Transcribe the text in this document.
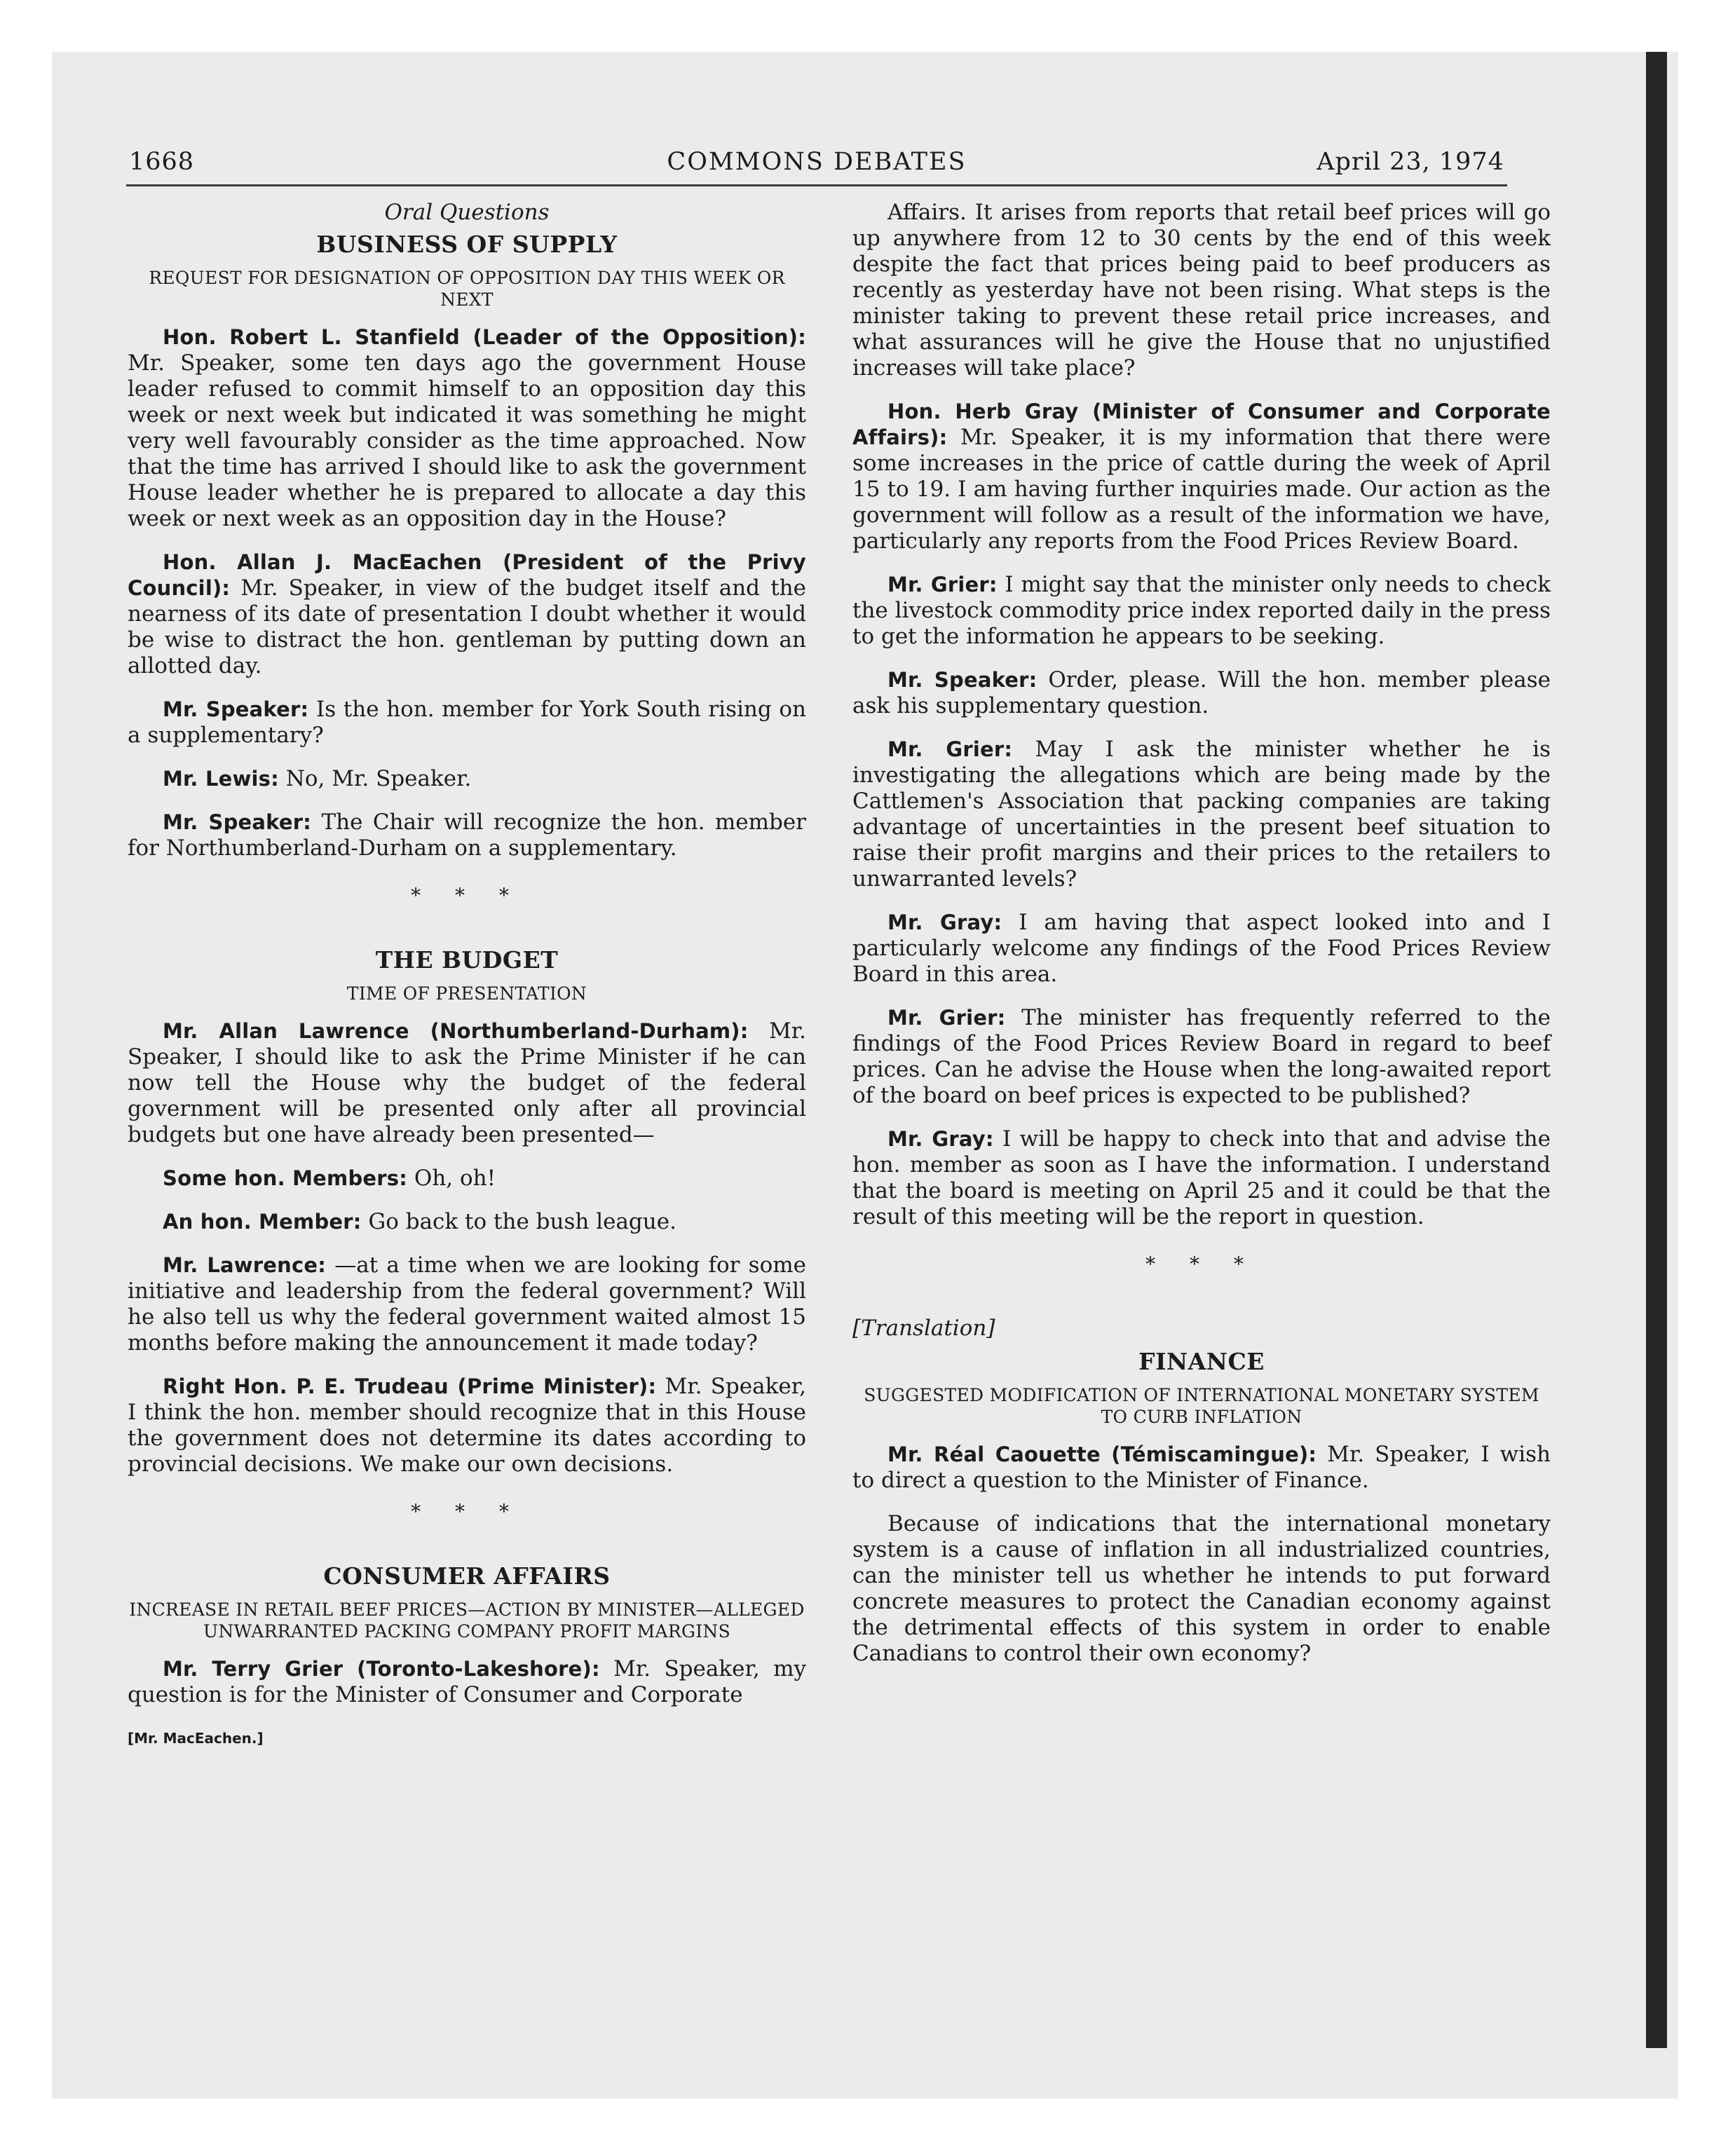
1668	COMMONS DEBATES	April 23, 1974
Oral Questions
BUSINESS OF SUPPLY
REQUEST FOR DESIGNATION OF OPPOSITION DAY THIS WEEK OR NEXT

Hon. Robert L. Stanfield (Leader of the Opposition): Mr. Speaker, some ten days ago the government House leader refused to commit himself to an opposition day this week or next week but indicated it was something he might very well favourably consider as the time approached. Now that the time has arrived I should like to ask the government House leader whether he is prepared to allocate a day this week or next week as an opposition day in the House?

Hon. Allan J. MacEachen (President of the Privy Council): Mr. Speaker, in view of the budget itself and the nearness of its date of presentation I doubt whether it would be wise to distract the hon. gentleman by putting down an allotted day.

Mr. Speaker: Is the hon. member for York South rising on a supplementary?

Mr. Lewis: No, Mr. Speaker.

Mr. Speaker: The Chair will recognize the hon. member for Northumberland-Durham on a supplementary.

* * *
THE BUDGET
TIME OF PRESENTATION

Mr. Allan Lawrence (Northumberland-Durham): Mr. Speaker, I should like to ask the Prime Minister if he can now tell the House why the budget of the federal government will be presented only after all provincial budgets but one have already been presented—

Some hon. Members: Oh, oh!

An hon. Member: Go back to the bush league.

Mr. Lawrence: —at a time when we are looking for some initiative and leadership from the federal government? Will he also tell us why the federal government waited almost 15 months before making the announcement it made today?

Right Hon. P. E. Trudeau (Prime Minister): Mr. Speaker, I think the hon. member should recognize that in this House the government does not determine its dates according to provincial decisions. We make our own decisions.

* * *
CONSUMER AFFAIRS
INCREASE IN RETAIL BEEF PRICES—ACTION BY MINISTER—ALLEGED UNWARRANTED PACKING COMPANY PROFIT MARGINS

Mr. Terry Grier (Toronto-Lakeshore): Mr. Speaker, my question is for the Minister of Consumer and Corporate

[Mr. MacEachen.]

Affairs. It arises from reports that retail beef prices will go up anywhere from 12 to 30 cents by the end of this week despite the fact that prices being paid to beef producers as recently as yesterday have not been rising. What steps is the minister taking to prevent these retail price increases, and what assurances will he give the House that no unjustified increases will take place?

Hon. Herb Gray (Minister of Consumer and Corporate Affairs): Mr. Speaker, it is my information that there were some increases in the price of cattle during the week of April 15 to 19. I am having further inquiries made. Our action as the government will follow as a result of the information we have, particularly any reports from the Food Prices Review Board.

Mr. Grier: I might say that the minister only needs to check the livestock commodity price index reported daily in the press to get the information he appears to be seeking.

Mr. Speaker: Order, please. Will the hon. member please ask his supplementary question.

Mr. Grier: May I ask the minister whether he is investigating the allegations which are being made by the Cattlemen's Association that packing companies are taking advantage of uncertainties in the present beef situation to raise their profit margins and their prices to the retailers to unwarranted levels?

Mr. Gray: I am having that aspect looked into and I particularly welcome any findings of the Food Prices Review Board in this area.

Mr. Grier: The minister has frequently referred to the findings of the Food Prices Review Board in regard to beef prices. Can he advise the House when the long-awaited report of the board on beef prices is expected to be published?

Mr. Gray: I will be happy to check into that and advise the hon. member as soon as I have the information. I understand that the board is meeting on April 25 and it could be that the result of this meeting will be the report in question.

* * *
[Translation]
FINANCE
SUGGESTED MODIFICATION OF INTERNATIONAL MONETARY SYSTEM TO CURB INFLATION

Mr. Réal Caouette (Témiscamingue): Mr. Speaker, I wish to direct a question to the Minister of Finance.

Because of indications that the international monetary system is a cause of inflation in all industrialized countries, can the minister tell us whether he intends to put forward concrete measures to protect the Canadian economy against the detrimental effects of this system in order to enable Canadians to control their own economy?
